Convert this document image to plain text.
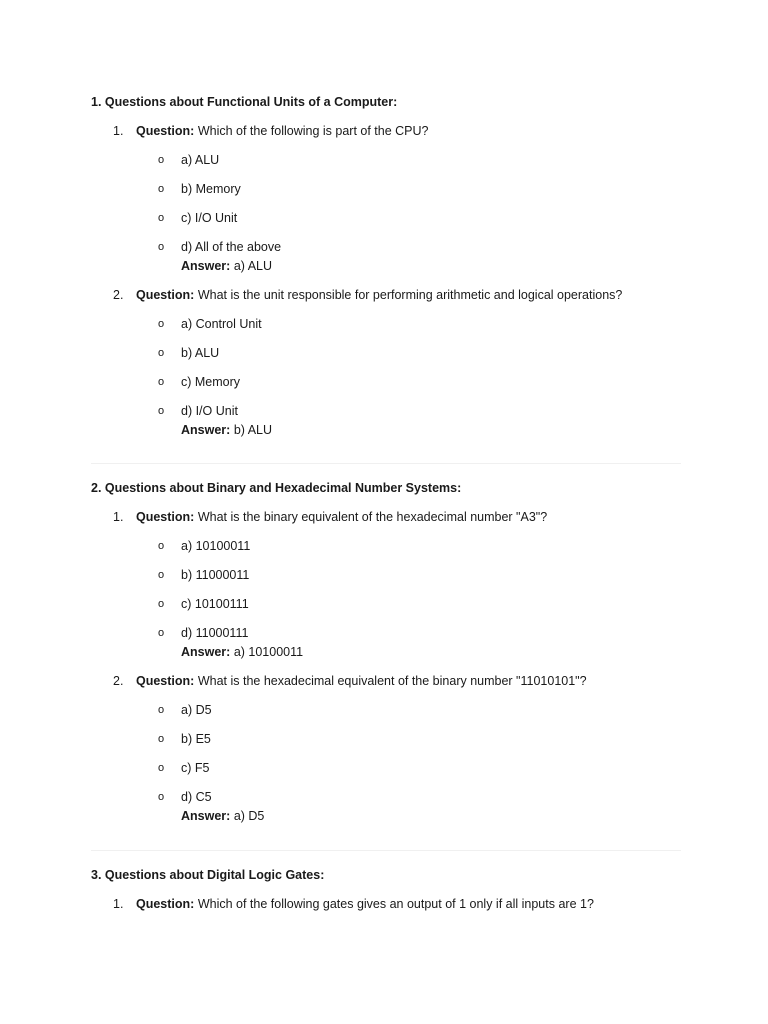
1. Questions about Functional Units of a Computer:

1. Question: Which of the following is part of the CPU?
o a) ALU
o b) Memory
o c) I/O Unit
o d) All of the above
Answer: a) ALU
2. Question: What is the unit responsible for performing arithmetic and logical operations?
o a) Control Unit
o b) ALU
o c) Memory
o d) I/O Unit
Answer: b) ALU

2. Questions about Binary and Hexadecimal Number Systems:

1. Question: What is the binary equivalent of the hexadecimal number "A3"?
o a) 10100011
o b) 11000011
o c) 10100111
o d) 11000111
Answer: a) 10100011
2. Question: What is the hexadecimal equivalent of the binary number "11010101"?
o a) D5
o b) E5
o c) F5
o d) C5
Answer: a) D5

3. Questions about Digital Logic Gates:

1. Question: Which of the following gates gives an output of 1 only if all inputs are 1?
